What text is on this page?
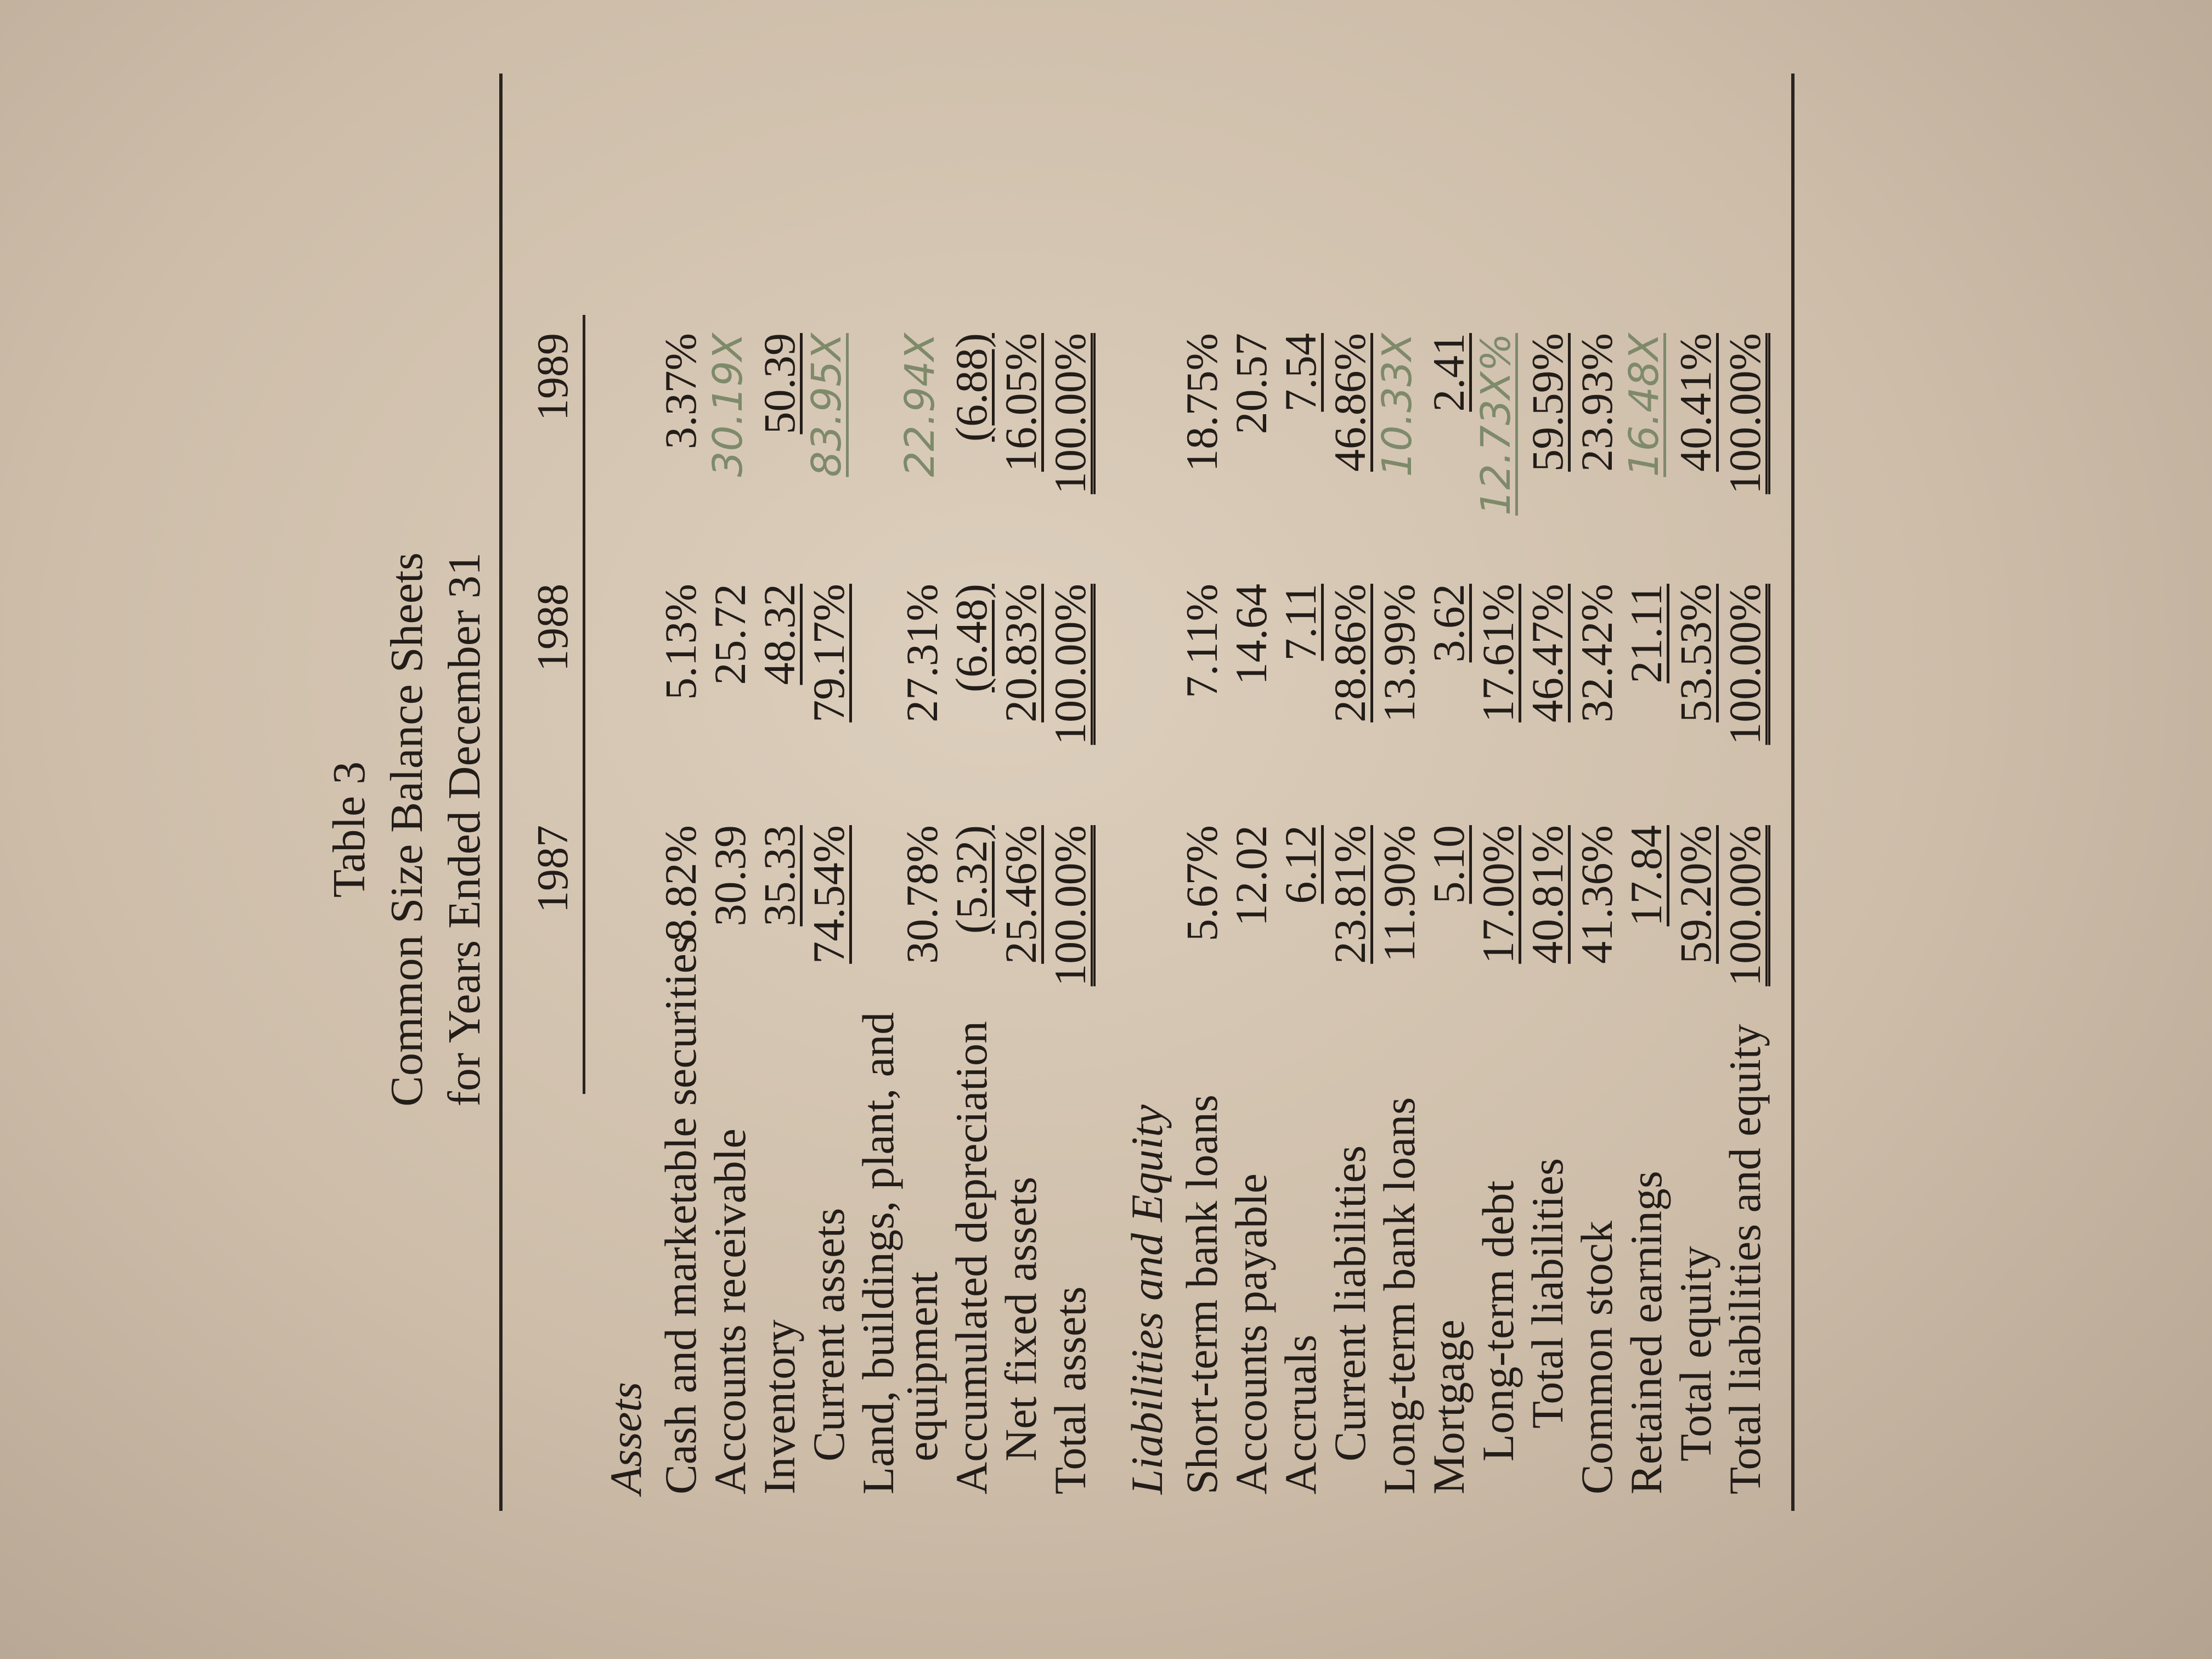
Table 3 Common Size Balance Sheets for Years Ended December 31 1987
1988
1989
Assets Cash and marketable securities
8.82%
5.13%
3.37%
Accounts receivable
30.39
25.72
30.19X
Inventory
35.33
48.32
50.39
Current assets
74.54%
79.17%
83.95X
Land, buildings, plant, and
equipment
30.78%
27.31%
22.94X
Accumulated depreciation
(5.32)
(6.48)
(6.88)
Net fixed assets
25.46%
20.83%
16.05%
Total assets
100.00%
100.00%
100.00%
Liabilities and Equity Short-term bank loans
5.67%
7.11%
18.75%
Accounts payable
12.02
14.64
20.57
Accruals
6.12
7.11
7.54
Current liabilities
23.81%
28.86%
46.86%
Long-term bank loans
11.90%
13.99%
10.33X
Mortgage
5.10
3.62
2.41
Long-term debt
17.00%
17.61%
12.73X%
Total liabilities
40.81%
46.47%
59.59%
Common stock
41.36%
32.42%
23.93%
Retained earnings
17.84
21.11
16.48X
Total equity
59.20%
53.53%
40.41%
Total liabilities and equity
100.00%
100.00%
100.00%
